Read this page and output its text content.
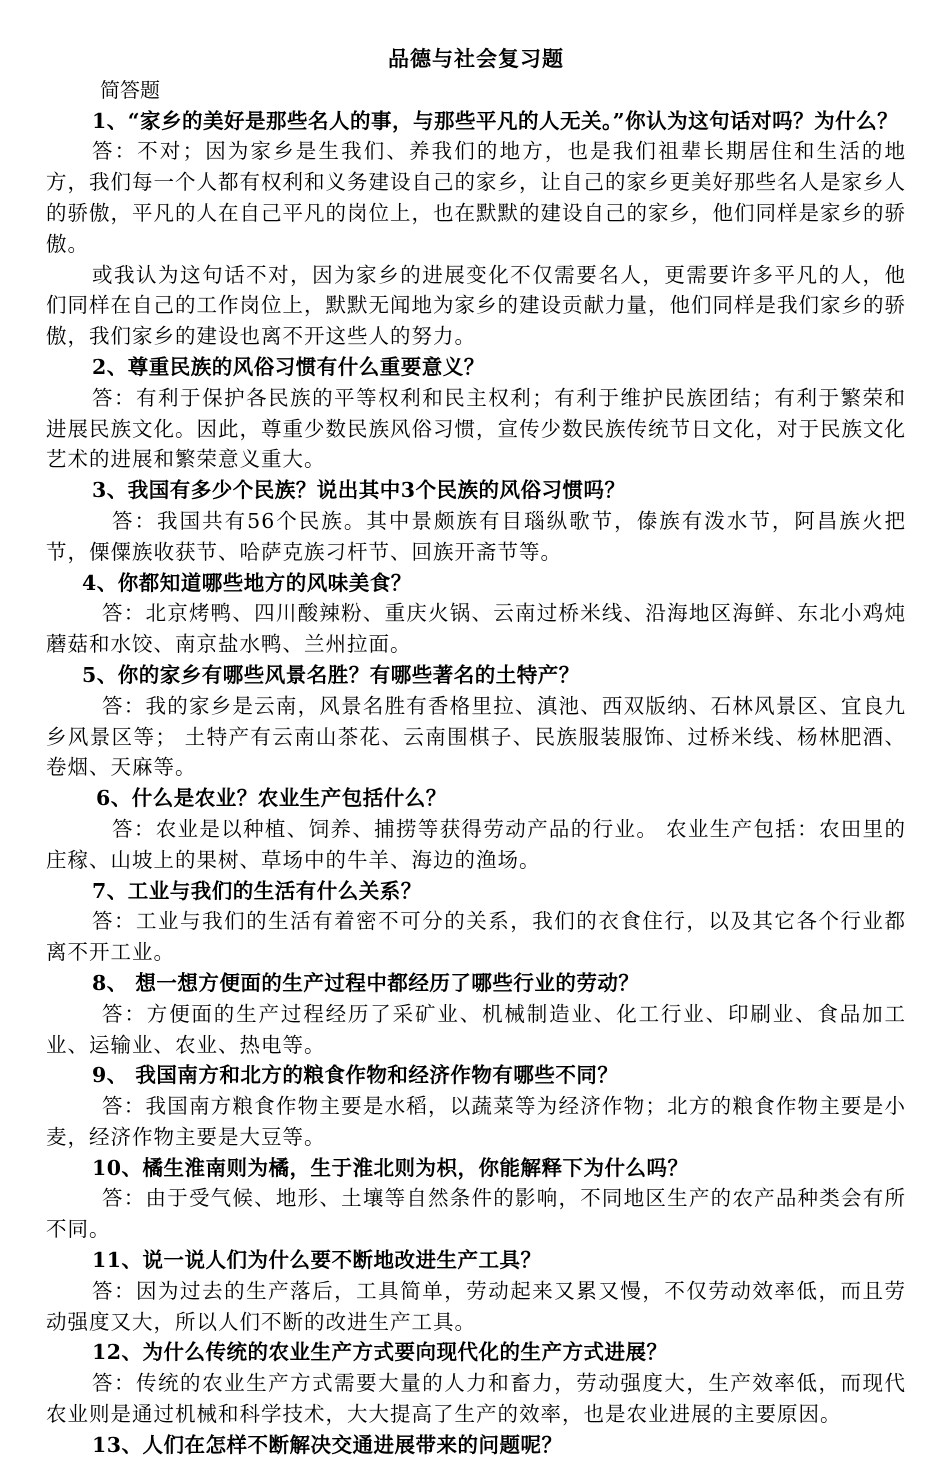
品德与社会复习题

简答题

1、“家乡的美好是那些名人的事，与那些平凡的人无关。”你认为这句话对吗？为什么？

答：不对；因为家乡是生我们、养我们的地方，也是我们祖辈长期居住和生活的地方，我们每一个人都有权利和义务建设自己的家乡，让自己的家乡更美好那些名人是家乡人的骄傲，平凡的人在自己平凡的岗位上，也在默默的建设自己的家乡，他们同样是家乡的骄傲。

或我认为这句话不对，因为家乡的进展变化不仅需要名人，更需要许多平凡的人，他们同样在自己的工作岗位上，默默无闻地为家乡的建设贡献力量，他们同样是我们家乡的骄傲，我们家乡的建设也离不开这些人的努力。

2、尊重民族的风俗习惯有什么重要意义？

答：有利于保护各民族的平等权利和民主权利；有利于维护民族团结；有利于繁荣和进展民族文化。因此，尊重少数民族风俗习惯，宣传少数民族传统节日文化，对于民族文化艺术的进展和繁荣意义重大。

3、我国有多少个民族？说出其中3个民族的风俗习惯吗？

答：我国共有56个民族。其中景颇族有目瑙纵歌节，傣族有泼水节，阿昌族火把节，傈僳族收获节、哈萨克族刁杆节、回族开斋节等。

4、你都知道哪些地方的风味美食？

答：北京烤鸭、四川酸辣粉、重庆火锅、云南过桥米线、沿海地区海鲜、东北小鸡炖蘑菇和水饺、南京盐水鸭、兰州拉面。

5、你的家乡有哪些风景名胜？有哪些著名的土特产？

答：我的家乡是云南，风景名胜有香格里拉、滇池、西双版纳、石林风景区、宜良九乡风景区等； 土特产有云南山茶花、云南围棋子、民族服装服饰、过桥米线、杨林肥酒、卷烟、天麻等。

6、什么是农业？农业生产包括什么？

答：农业是以种植、饲养、捕捞等获得劳动产品的行业。 农业生产包括：农田里的庄稼、山坡上的果树、草场中的牛羊、海边的渔场。

7、工业与我们的生活有什么关系？

答：工业与我们的生活有着密不可分的关系，我们的衣食住行，以及其它各个行业都离不开工业。

8、 想一想方便面的生产过程中都经历了哪些行业的劳动？

答：方便面的生产过程经历了采矿业、机械制造业、化工行业、印刷业、食品加工业、运输业、农业、热电等。

9、 我国南方和北方的粮食作物和经济作物有哪些不同？

答：我国南方粮食作物主要是水稻，以蔬菜等为经济作物；北方的粮食作物主要是小麦，经济作物主要是大豆等。

10、橘生淮南则为橘，生于淮北则为枳，你能解释下为什么吗？

答：由于受气候、地形、土壤等自然条件的影响，不同地区生产的农产品种类会有所不同。

11、说一说人们为什么要不断地改进生产工具？

答：因为过去的生产落后，工具简单，劳动起来又累又慢，不仅劳动效率低，而且劳动强度又大，所以人们不断的改进生产工具。

12、为什么传统的农业生产方式要向现代化的生产方式进展？

答：传统的农业生产方式需要大量的人力和畜力，劳动强度大，生产效率低，而现代农业则是通过机械和科学技术，大大提高了生产的效率，也是农业进展的主要原因。

13、人们在怎样不断解决交通进展带来的问题呢？
